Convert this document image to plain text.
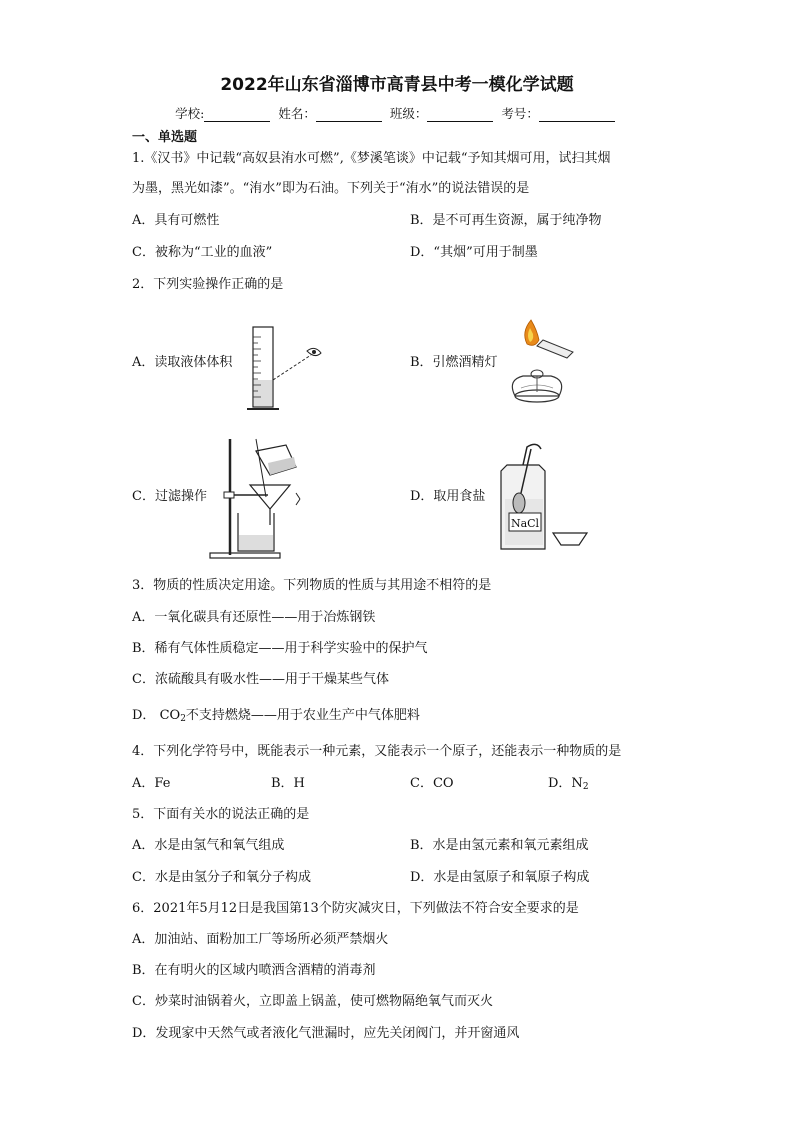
2022年山东省淄博市高青县中考一模化学试题
学校:	姓名：	班级：	考号：
一、单选题
1.《汉书》中记载“高奴县洧水可燃”,《梦溪笔谈》中记载“予知其烟可用，试扫其烟
为墨，黑光如漆”。“洧水”即为石油。下列关于“洧水”的说法错误的是
A．具有可燃性	B．是不可再生资源，属于纯净物
C．被称为“工业的血液”	D．“其烟”可用于制墨
2．下列实验操作正确的是
A．读取液体体积	B．引燃酒精灯
C．过滤操作	D．取用食盐
NaCl
3．物质的性质决定用途。下列物质的性质与其用途不相符的是
A．一氧化碳具有还原性——用于冶炼钢铁
B．稀有气体性质稳定——用于科学实验中的保护气
C．浓硫酸具有吸水性——用于干燥某些气体
D． $CO_2$不支持燃烧——用于农业生产中气体肥料
4．下列化学符号中，既能表示一种元素，又能表示一个原子，还能表示一种物质的是
A．Fe	B．H	C．CO	D．$N_2$
5．下面有关水的说法正确的是
A．水是由氢气和氧气组成	B．水是由氢元素和氧元素组成
C．水是由氢分子和氧分子构成	D．水是由氢原子和氧原子构成
6．2021年5月12日是我国第13个防灾减灾日，下列做法不符合安全要求的是
A．加油站、面粉加工厂等场所必须严禁烟火
B．在有明火的区域内喷洒含酒精的消毒剂
C．炒菜时油锅着火，立即盖上锅盖，使可燃物隔绝氧气而灭火
D．发现家中天然气或者液化气泄漏时，应先关闭阀门，并开窗通风
